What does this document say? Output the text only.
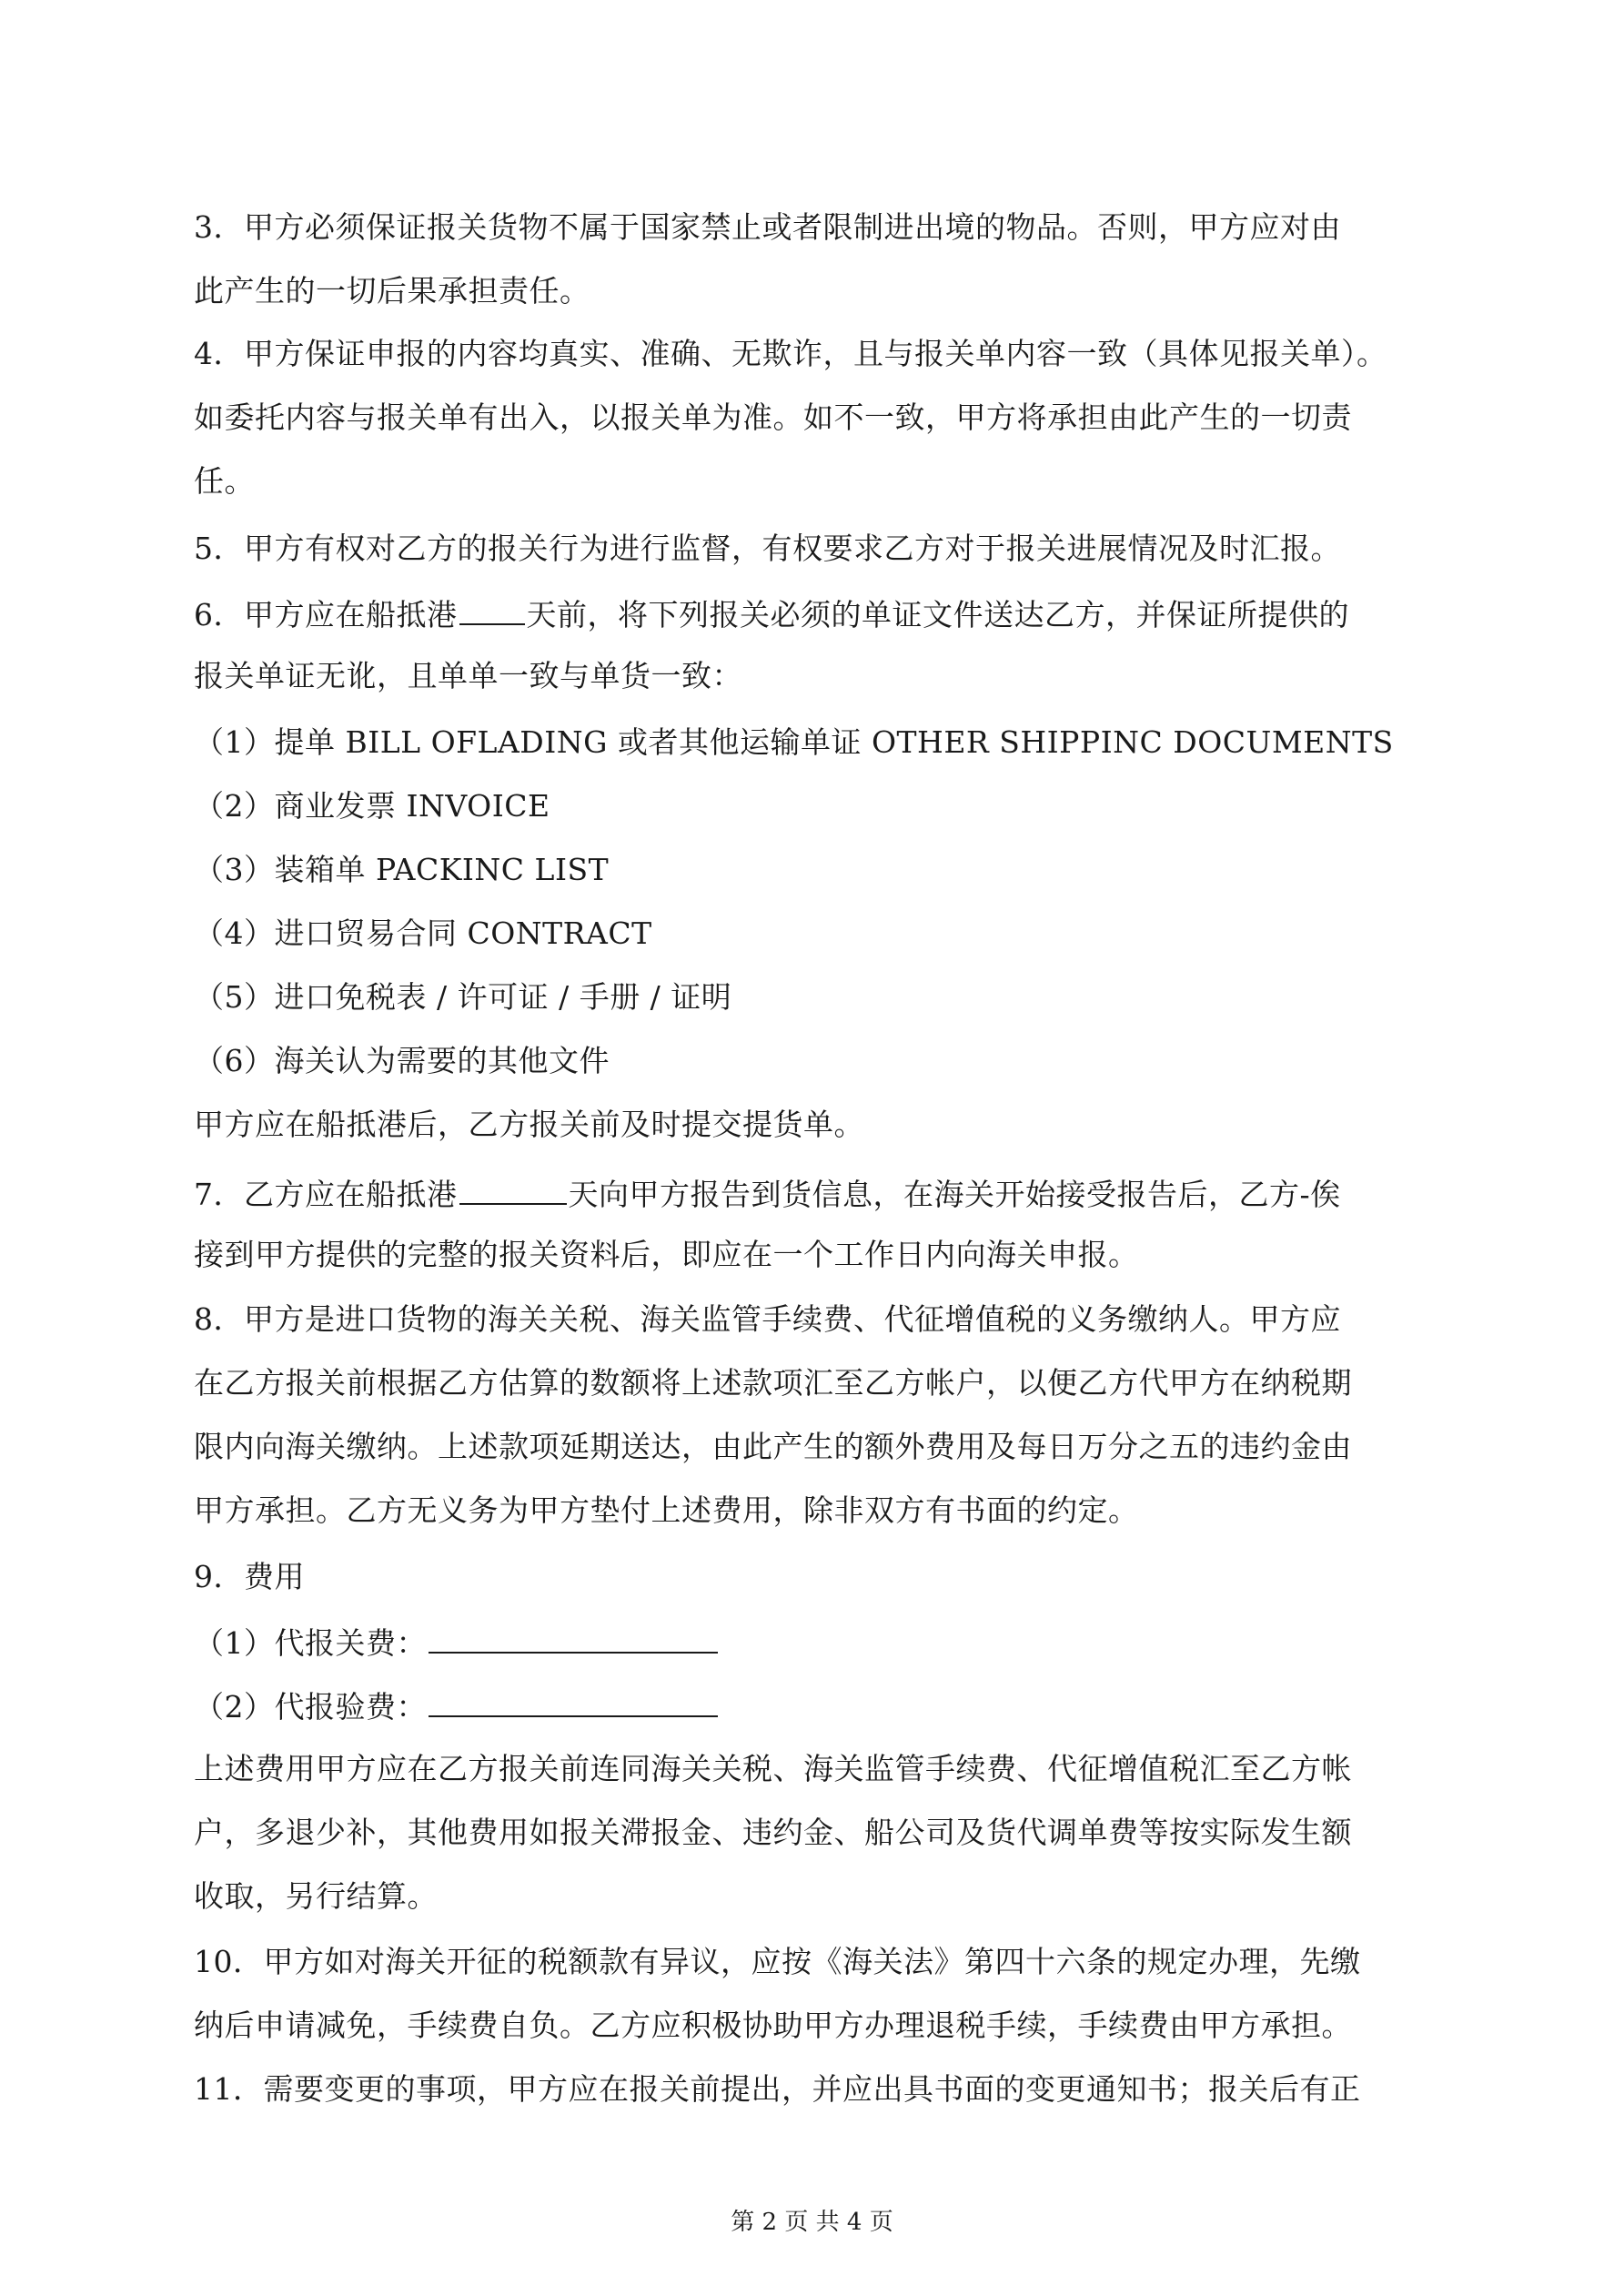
3．甲方必须保证报关货物不属于国家禁止或者限制进出境的物品。否则，甲方应对由
此产生的一切后果承担责任。
4．甲方保证申报的内容均真实、准确、无欺诈，且与报关单内容一致（具体见报关单）。
如委托内容与报关单有出入，以报关单为准。如不一致，甲方将承担由此产生的一切责
任。
5．甲方有权对乙方的报关行为进行监督，有权要求乙方对于报关进展情况及时汇报。
6．甲方应在船抵港 天前，将下列报关必须的单证文件送达乙方，并保证所提供的
报关单证无讹，且单单一致与单货一致：
（1）提单 BILL OFLADING 或者其他运输单证 OTHER SHIPPINC DOCUMENTS
（2）商业发票 INVOICE
（3）装箱单 PACKINC LIST
（4）进口贸易合同 CONTRACT
（5）进口免税表 / 许可证 / 手册 / 证明
（6）海关认为需要的其他文件
甲方应在船抵港后，乙方报关前及时提交提货单。
7．乙方应在船抵港	天向甲方报告到货信息，在海关开始接受报告后，乙方-俟
接到甲方提供的完整的报关资料后，即应在一个工作日内向海关申报。
8．甲方是进口货物的海关关税、海关监管手续费、代征增值税的义务缴纳人。甲方应
在乙方报关前根据乙方估算的数额将上述款项汇至乙方帐户，以便乙方代甲方在纳税期
限内向海关缴纳。上述款项延期送达，由此产生的额外费用及每日万分之五的违约金由
甲方承担。乙方无义务为甲方垫付上述费用，除非双方有书面的约定。
9．费用
（1）代报关费：
（2）代报验费：
上述费用甲方应在乙方报关前连同海关关税、海关监管手续费、代征增值税汇至乙方帐
户，多退少补，其他费用如报关滞报金、违约金、船公司及货代调单费等按实际发生额
收取，另行结算。
10．甲方如对海关开征的税额款有异议，应按《海关法》第四十六条的规定办理，先缴
纳后申请减免，手续费自负。乙方应积极协助甲方办理退税手续，手续费由甲方承担。
11．需要变更的事项，甲方应在报关前提出，并应出具书面的变更通知书；报关后有正
第 2 页 共 4 页
